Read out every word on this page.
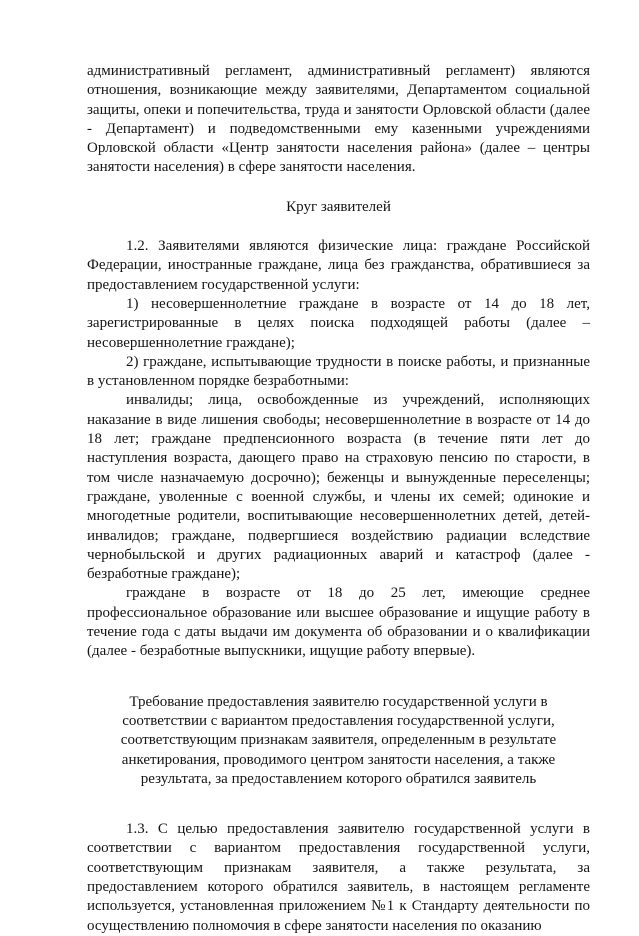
административный регламент, административный регламент) являются отношения, возникающие между заявителями, Департаментом социальной защиты, опеки и попечительства, труда и занятости Орловской области (далее - Департамент) и подведомственными ему казенными учреждениями Орловской области «Центр занятости населения района» (далее – центры занятости населения) в сфере занятости населения.

Круг заявителей

1.2. Заявителями являются физические лица: граждане Российской Федерации, иностранные граждане, лица без гражданства, обратившиеся за предоставлением государственной услуги:

1) несовершеннолетние граждане в возрасте от 14 до 18 лет, зарегистрированные в целях поиска подходящей работы (далее – несовершеннолетние граждане);

2) граждане, испытывающие трудности в поиске работы, и признанные в установленном порядке безработными:

инвалиды; лица, освобожденные из учреждений, исполняющих наказание в виде лишения свободы; несовершеннолетние в возрасте от 14 до 18 лет; граждане предпенсионного возраста (в течение пяти лет до наступления возраста, дающего право на страховую пенсию по старости, в том числе назначаемую досрочно); беженцы и вынужденные переселенцы; граждане, уволенные с военной службы, и члены их семей; одинокие и многодетные родители, воспитывающие несовершеннолетних детей, детей-инвалидов; граждане, подвергшиеся воздействию радиации вследствие чернобыльской и других радиационных аварий и катастроф (далее - безработные граждане);

граждане в возрасте от 18 до 25 лет, имеющие среднее профессиональное образование или высшее образование и ищущие работу в течение года с даты выдачи им документа об образовании и о квалификации (далее - безработные выпускники, ищущие работу впервые).

Требование предоставления заявителю государственной услуги в соответствии с вариантом предоставления государственной услуги, соответствующим признакам заявителя, определенным в результате анкетирования, проводимого центром занятости населения, а также результата, за предоставлением которого обратился заявитель

1.3. С целью предоставления заявителю государственной услуги в соответствии с вариантом предоставления государственной услуги, соответствующим признакам заявителя, а также результата, за предоставлением которого обратился заявитель, в настоящем регламенте используется, установленная приложением №1 к Стандарту деятельности по осуществлению полномочия в сфере занятости населения по оказанию
